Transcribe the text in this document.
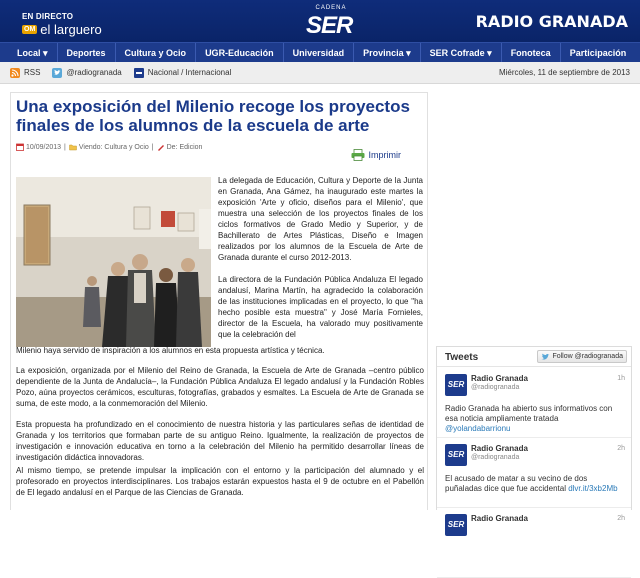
EN DIRECTO
OM el larguero
CADENA
SER	RADIO GRANADA
Local ▾	Deportes	Cultura y Ocio	UGR-Educación	Universidad	Provincia ▾	SER Cofrade ▾	Fonoteca	Participación
RSS	@radiogranada	Nacional / Internacional	Miércoles, 11 de septiembre de 2013
Una exposición del Milenio recoge los proyectos finales de los alumnos de la escuela de arte
10/09/2013 | Viendo: Cultura y Ocio | De: Edicion
Imprimir

La delegada de Educación, Cultura y Deporte de la Junta en Granada, Ana Gámez, ha inaugurado este martes la exposición 'Arte y oficio, diseños para el Milenio', que muestra una selección de los proyectos finales de los ciclos formativos de Grado Medio y Superior, y de Bachillerato de Artes Plásticas, Diseño e Imagen realizados por los alumnos de la Escuela de Arte de Granada durante el curso 2012-2013.

La directora de la Fundación Pública Andaluza El legado andalusí, Marina Martín, ha agradecido la colaboración de las instituciones implicadas en el proyecto, lo que "ha hecho posible esta muestra" y José María Fornieles, director de la Escuela, ha valorado muy positivamente que la celebración del

Milenio haya servido de inspiración a los alumnos en esta propuesta artística y técnica.

La exposición, organizada por el Milenio del Reino de Granada, la Escuela de Arte de Granada –centro público dependiente de la Junta de Andalucía–, la Fundación Pública Andaluza El legado andalusí y la Fundación Robles Pozo, aúna proyectos cerámicos, esculturas, fotografías, grabados y esmaltes. La Escuela de Arte de Granada se suma, de este modo, a la conmemoración del Milenio.

Esta propuesta ha profundizado en el conocimiento de nuestra historia y las particulares señas de identidad de Granada y los territorios que formaban parte de su antiguo Reino. Igualmente, la realización de proyectos de investigación e innovación educativa en torno a la celebración del Milenio ha permitido desarrollar líneas de investigación didáctica innovadoras.

Al mismo tiempo, se pretende impulsar la implicación con el entorno y la participación del alumnado y el profesorado en proyectos interdisciplinares. Los trabajos estarán expuestos hasta el 9 de octubre en el Pabellón de El legado andalusí en el Parque de las Ciencias de Granada.

Tweets	Follow @radiogranada
SER
Radio Granada
@radiogranada
1h
Radio Granada ha abierto sus informativos con esa noticia ampliamente tratada @yolandabarrionu
SER
Radio Granada
@radiogranada
2h
El acusado de matar a su vecino de dos puñaladas dice que fue accidental dlvr.it/3xb2Mb
SER
Radio Granada	2h
